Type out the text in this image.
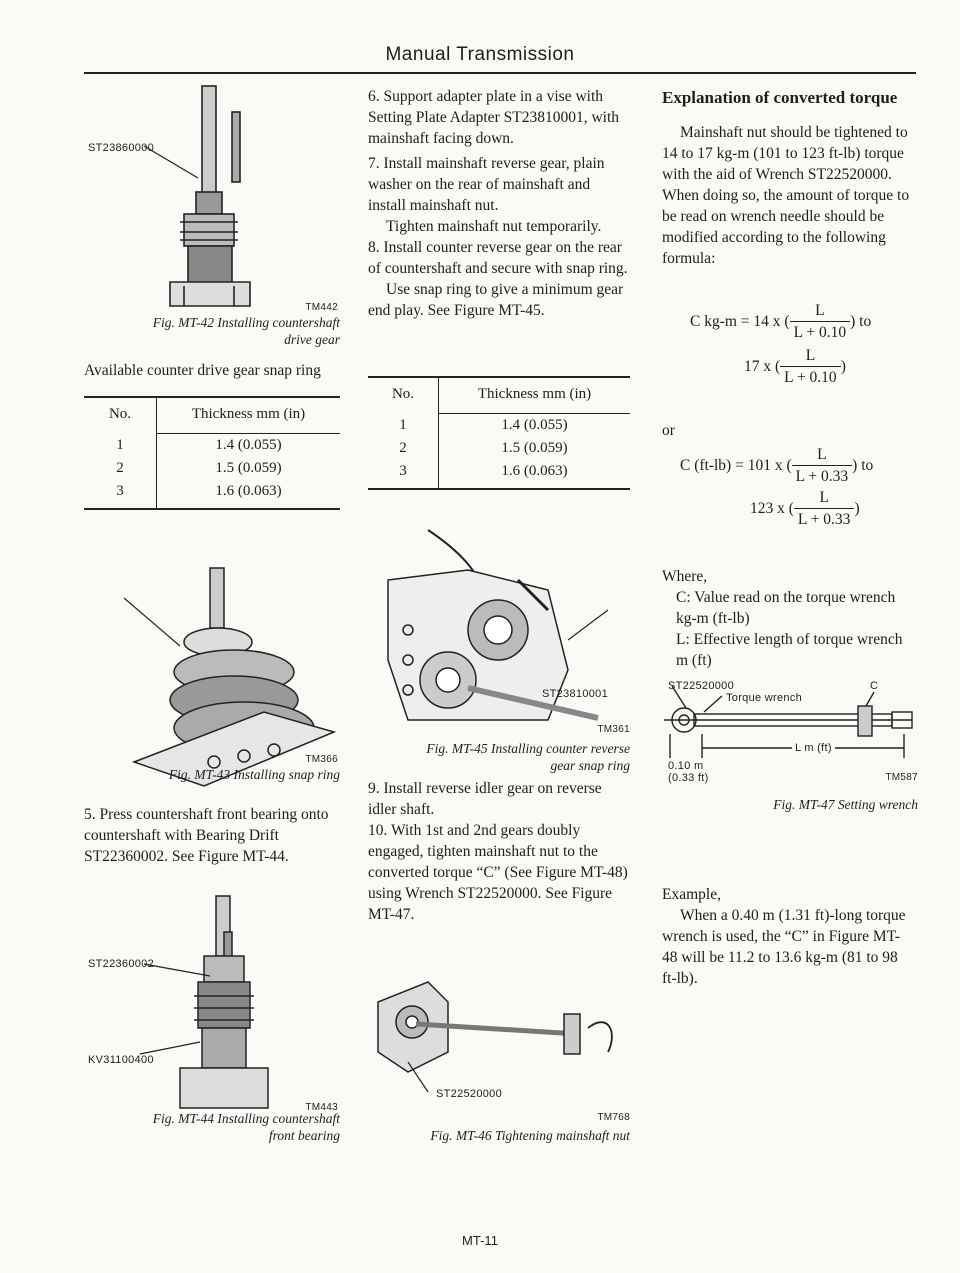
Manual Transmission
ST23860000
TM442
Fig. MT-42 Installing countershaft
drive gear
Available counter drive gear snap ring
No.	Thickness mm (in)
1	1.4 (0.055)
2	1.5 (0.059)
3	1.6 (0.063)
TM366
Fig. MT-43 Installing snap ring
5. Press countershaft front bearing onto countershaft with Bearing Drift ST22360002. See Figure MT-44.
ST22360002
KV31100400
TM443
Fig. MT-44 Installing countershaft
front bearing
6. Support adapter plate in a vise with Setting Plate Adapter ST23810001, with mainshaft facing down.
7. Install mainshaft reverse gear, plain washer on the rear of mainshaft and install mainshaft nut.
Tighten mainshaft nut temporarily.
8. Install counter reverse gear on the rear of countershaft and secure with snap ring.
Use snap ring to give a minimum gear end play. See Figure MT-45.
No.	Thickness mm (in)
1	1.4 (0.055)
2	1.5 (0.059)
3	1.6 (0.063)
ST23810001
TM361
Fig. MT-45 Installing counter reverse
gear snap ring
9. Install reverse idler gear on reverse idler shaft.
10. With 1st and 2nd gears doubly engaged, tighten mainshaft nut to the converted torque “C” (See Figure MT-48) using Wrench ST22520000. See Figure MT-47.
ST22520000
TM768
Fig. MT-46 Tightening mainshaft nut
Explanation of converted torque
Mainshaft nut should be tightened to 14 to 17 kg-m (101 to 123 ft-lb) torque with the aid of Wrench ST22520000. When doing so, the amount of torque to be read on wrench needle should be modified according to the following formula:
C kg-m = 14 x ( $\frac{L}{L + 0.10}$ ) to
17 x ( $\frac{L}{L + 0.10}$ )
or
C (ft-lb) = 101 x ( $\frac{L}{L + 0.33}$ ) to
123 x ( $\frac{L}{L + 0.33}$ )
Where,
C: Value read on the torque wrench kg-m (ft-lb)
L: Effective length of torque wrench m (ft)
ST22520000
Torque wrench
C
L m (ft)
0.10 m
(0.33 ft)	TM587
Fig. MT-47 Setting wrench
Example,
When a 0.40 m (1.31 ft)-long torque wrench is used, the “C” in Figure MT-48 will be 11.2 to 13.6 kg-m (81 to 98 ft-lb).
MT-11
